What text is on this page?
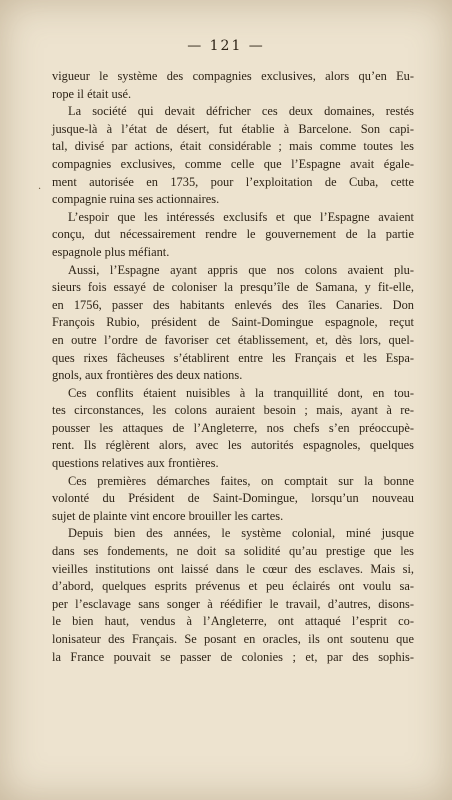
— 121 —
·
vigueur le système des compagnies exclusives, alors qu’en Eu-
rope il était usé.
La société qui devait défricher ces deux domaines, restés
jusque-là à l’état de désert, fut établie à Barcelone. Son capi-
tal, divisé par actions, était considérable ; mais comme toutes les
compagnies exclusives, comme celle que l’Espagne avait égale-
ment autorisée en 1735, pour l’exploitation de Cuba, cette
compagnie ruina ses actionnaires.
L’espoir que les intéressés exclusifs et que l’Espagne avaient
conçu, dut nécessairement rendre le gouvernement de la partie
espagnole plus méfiant.
Aussi, l’Espagne ayant appris que nos colons avaient plu-
sieurs fois essayé de coloniser la presqu’île de Samana, y fit-elle,
en 1756, passer des habitants enlevés des îles Canaries. Don
François Rubio, président de Saint-Domingue espagnole, reçut
en outre l’ordre de favoriser cet établissement, et, dès lors, quel-
ques rixes fâcheuses s’établirent entre les Français et les Espa-
gnols, aux frontières des deux nations.
Ces conflits étaient nuisibles à la tranquillité dont, en tou-
tes circonstances, les colons auraient besoin ; mais, ayant à re-
pousser les attaques de l’Angleterre, nos chefs s’en préoccupè-
rent. Ils réglèrent alors, avec les autorités espagnoles, quelques
questions relatives aux frontières.
Ces premières démarches faites, on comptait sur la bonne
volonté du Président de Saint-Domingue, lorsqu’un nouveau
sujet de plainte vint encore brouiller les cartes.
Depuis bien des années, le système colonial, miné jusque
dans ses fondements, ne doit sa solidité qu’au prestige que les
vieilles institutions ont laissé dans le cœur des esclaves. Mais si,
d’abord, quelques esprits prévenus et peu éclairés ont voulu sa-
per l’esclavage sans songer à réédifier le travail, d’autres, disons-
le bien haut, vendus à l’Angleterre, ont attaqué l’esprit co-
lonisateur des Français. Se posant en oracles, ils ont soutenu que
la France pouvait se passer de colonies ; et, par des sophis-
